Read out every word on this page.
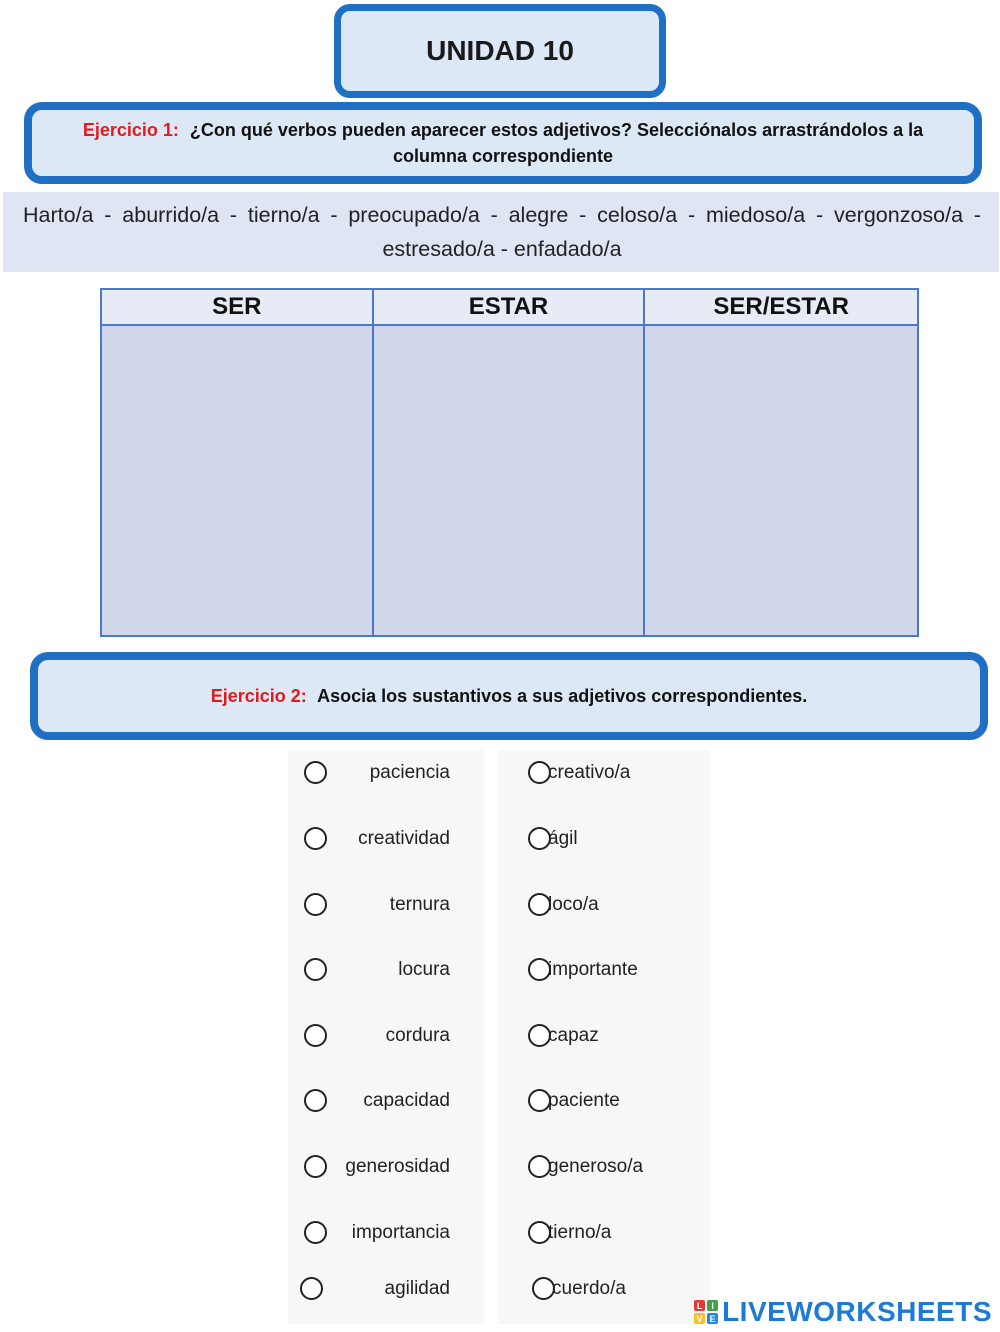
UNIDAD 10
Ejercicio 1: ¿Con qué verbos pueden aparecer estos adjetivos? Selecciónalos arrastrándolos a la
columna correspondiente
Harto/a - aburrido/a - tierno/a - preocupado/a - alegre - celoso/a - miedoso/a - vergonzoso/a - estresado/a - enfadado/a
SER	ESTAR	SER/ESTAR
Ejercicio 2: Asocia los sustantivos a sus adjetivos correspondientes.
paciencia
creatividad
ternura
locura
cordura
capacidad
generosidad
importancia
agilidad
creativo/a
ágil
loco/a
importante
capaz
paciente
generoso/a
tierno/a
cuerdo/a
L I
V E LIVEWORKSHEETS
